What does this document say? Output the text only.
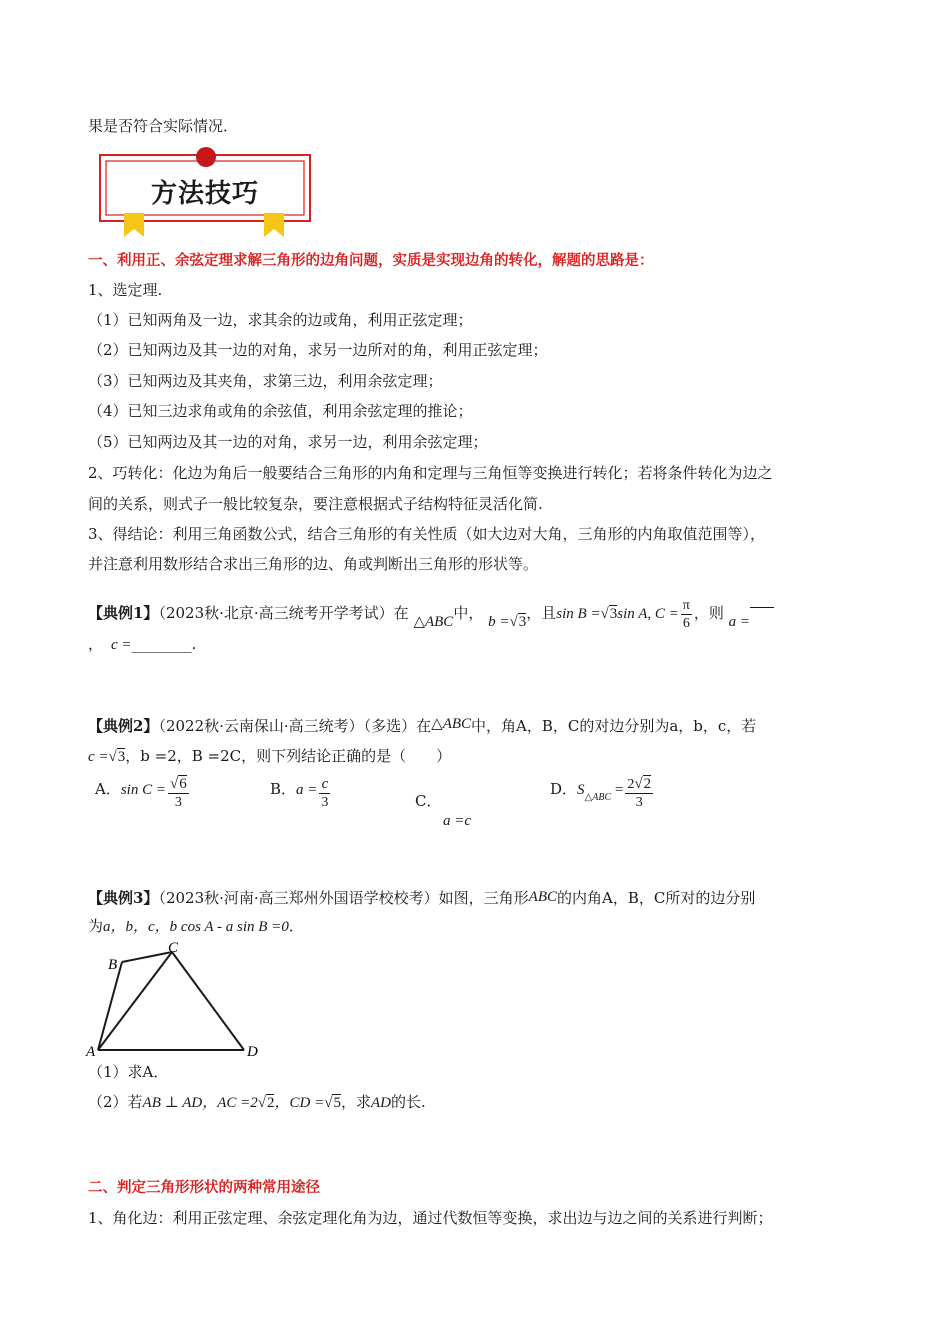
果是否符合实际情况．
方法技巧
一、利用正、余弦定理求解三角形的边角问题，实质是实现边角的转化，解题的思路是：
1、选定理.
（1）已知两角及一边，求其余的边或角，利用正弦定理；
（2）已知两边及其一边的对角，求另一边所对的角，利用正弦定理；
（3）已知两边及其夹角，求第三边，利用余弦定理；
（4）已知三边求角或角的余弦值，利用余弦定理的推论；
（5）已知两边及其一边的对角，求另一边，利用余弦定理；
2、巧转化：化边为角后一般要结合三角形的内角和定理与三角恒等变换进行转化；若将条件转化为边之
间的关系，则式子一般比较复杂，要注意根据式子结构特征灵活化简.
3、得结论：利用三角函数公式，结合三角形的有关性质（如大边对大角，三角形的内角取值范围等），
并注意利用数形结合求出三角形的边、角或判断出三角形的形状等。
【典例1】（2023秋·北京·高三统考开学考试）在 △ABC中， b =√3，且sin B =√3sin A, $C = \frac{\pi}{6}$ ，则 a =
， c =________.
【典例2】（2022秋·云南保山·高三统考）（多选）在△ABC中，角A，B，C的对边分别为a，b，c，若
c =√3，b =2，B =2C，则下列结论正确的是（　　）
A．$\sin C = \frac{√6}{3}$	B．$a = \frac{c}{3}$	C．
a =c
D．$S_{\triangle ABC} = \frac{2√2}{3}$
【典例3】（2023秋·河南·高三郑州外国语学校校考）如图，三角形ABC的内角A，B，C所对的边分别
为a，b，c，b cos A - a sin B =0．
A
B
C
D
（1）求A．
（2）若AB ⊥ AD，AC =2√2，CD =√5，求AD的长.
二、判定三角形形状的两种常用途径
1、角化边：利用正弦定理、余弦定理化角为边，通过代数恒等变换，求出边与边之间的关系进行判断；
